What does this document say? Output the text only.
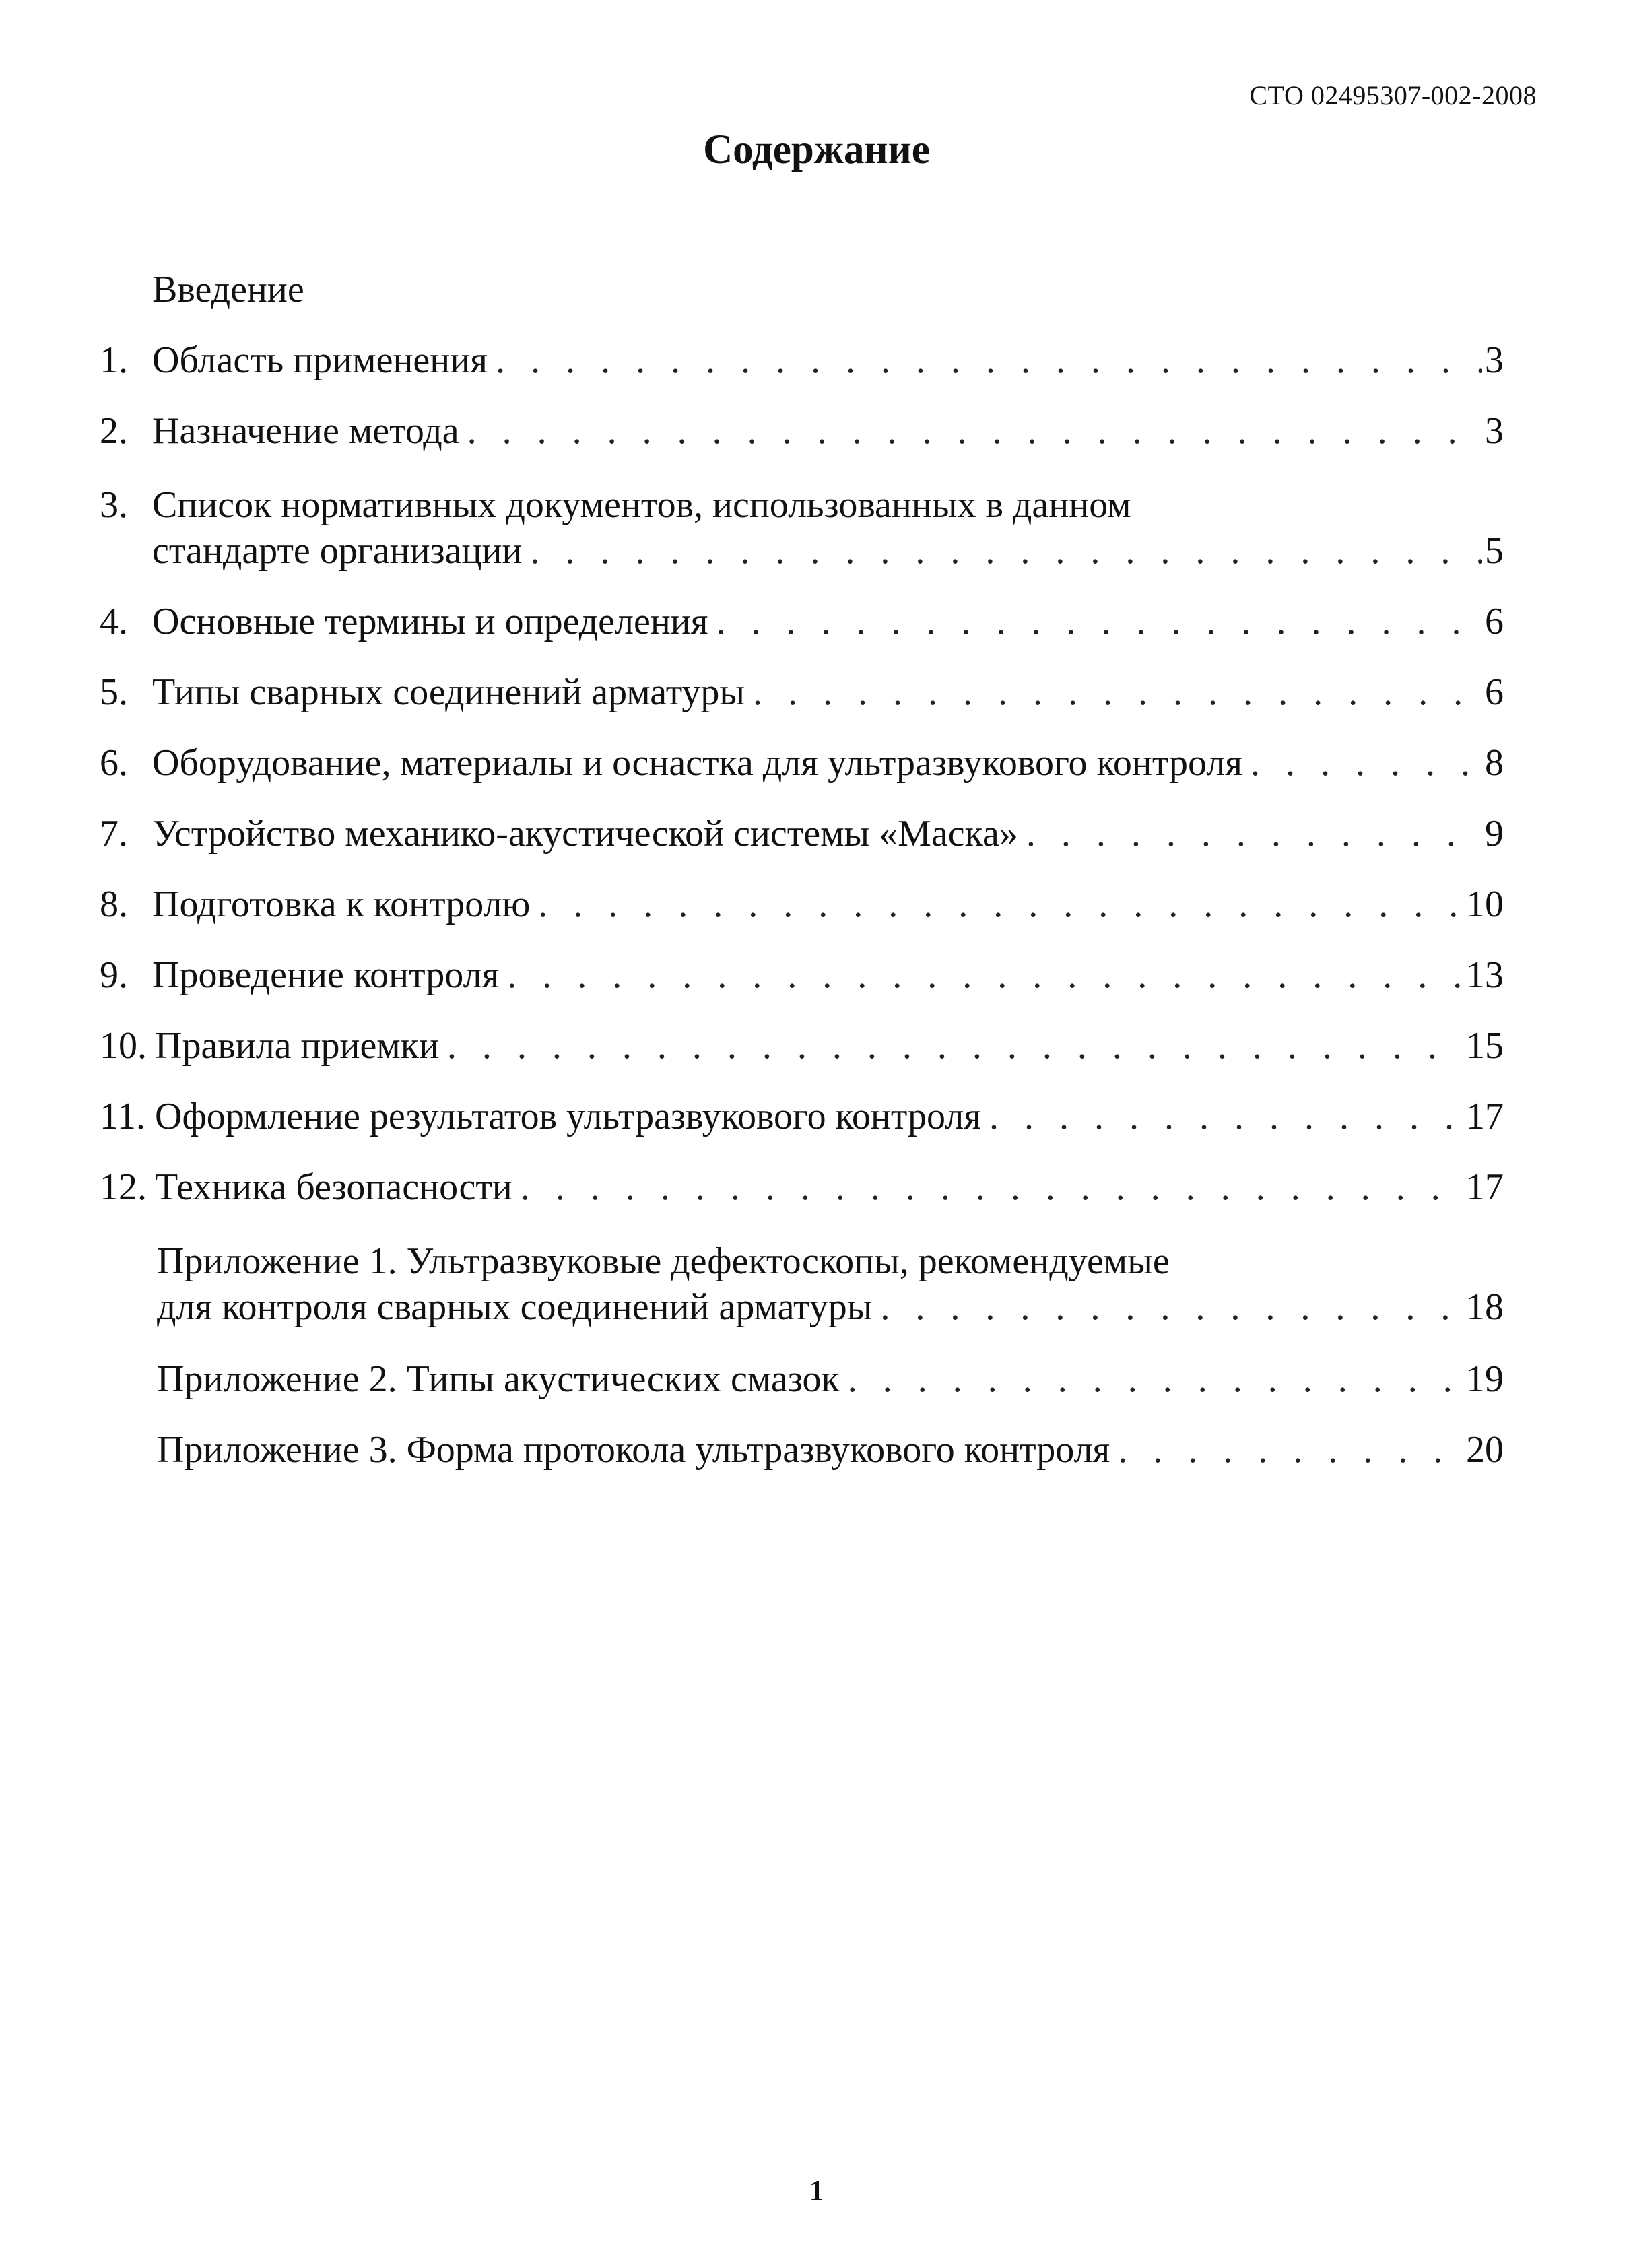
СТО 02495307-002-2008
Содержание
Введение
1. Область применения . . .	3
2. Назначение метода . . .	3
3. Список нормативных документов, использованных в данном
стандарте организации . . .	5
4. Основные термины и определения . . .	6
5. Типы сварных соединений арматуры . . .	6
6. Оборудование, материалы и оснастка для ультразвукового контроля . . .	8
7. Устройство механико-акустической системы «Маска» . . .	9
8. Подготовка к контролю . . .	10
9. Проведение контроля . . .	13
10. Правила приемки . . .	15
11. Оформление результатов ультразвукового контроля . . .	17
12. Техника безопасности . . .	17
Приложение 1. Ультразвуковые дефектоскопы, рекомендуемые
для контроля сварных соединений арматуры . . .	18
Приложение 2. Типы акустических смазок . . .	19
Приложение 3. Форма протокола ультразвукового контроля . . .	20
1
